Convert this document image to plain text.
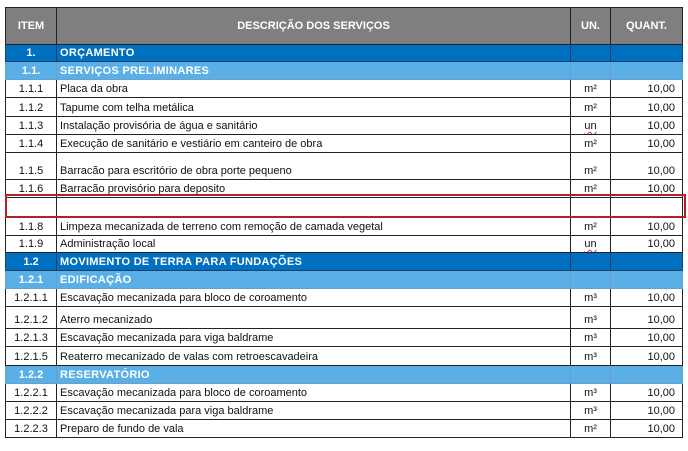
ITEM	DESCRIÇÃO DOS SERVIÇOS	UN.	QUANT.
1.	ORÇAMENTO
1.1.	SERVIÇOS PRELIMINARES
1.1.1	Placa da obra	m²	10,00
1.1.2	Tapume com telha metálica	m²	10,00
1.1.3	Instalação provisória de água e sanitário	un	10,00
1.1.4	Execução de sanitário e vestiário em canteiro de obra	m²	10,00
1.1.5	Barracão para escritório de obra porte pequeno	m²	10,00
1.1.6	Barracão provisório para deposito	m²	10,00
1.1.8	Limpeza mecanizada de terreno com remoção de camada vegetal	m²	10,00
1.1.9	Administração local	un	10,00
1.2	MOVIMENTO DE TERRA PARA FUNDAÇÕES
1.2.1	EDIFICAÇÃO
1.2.1.1	Escavação mecanizada para bloco de coroamento	m³	10,00
1.2.1.2	Aterro mecanizado	m³	10,00
1.2.1.3	Escavação mecanizada para viga baldrame	m³	10,00
1.2.1.5	Reaterro mecanizado de valas com retroescavadeira	m³	10,00
1.2.2	RESERVATÓRIO
1.2.2.1	Escavação mecanizada para bloco de coroamento	m³	10,00
1.2.2.2	Escavação mecanizada para viga baldrame	m³	10,00
1.2.2.3	Preparo de fundo de vala	m²	10,00
